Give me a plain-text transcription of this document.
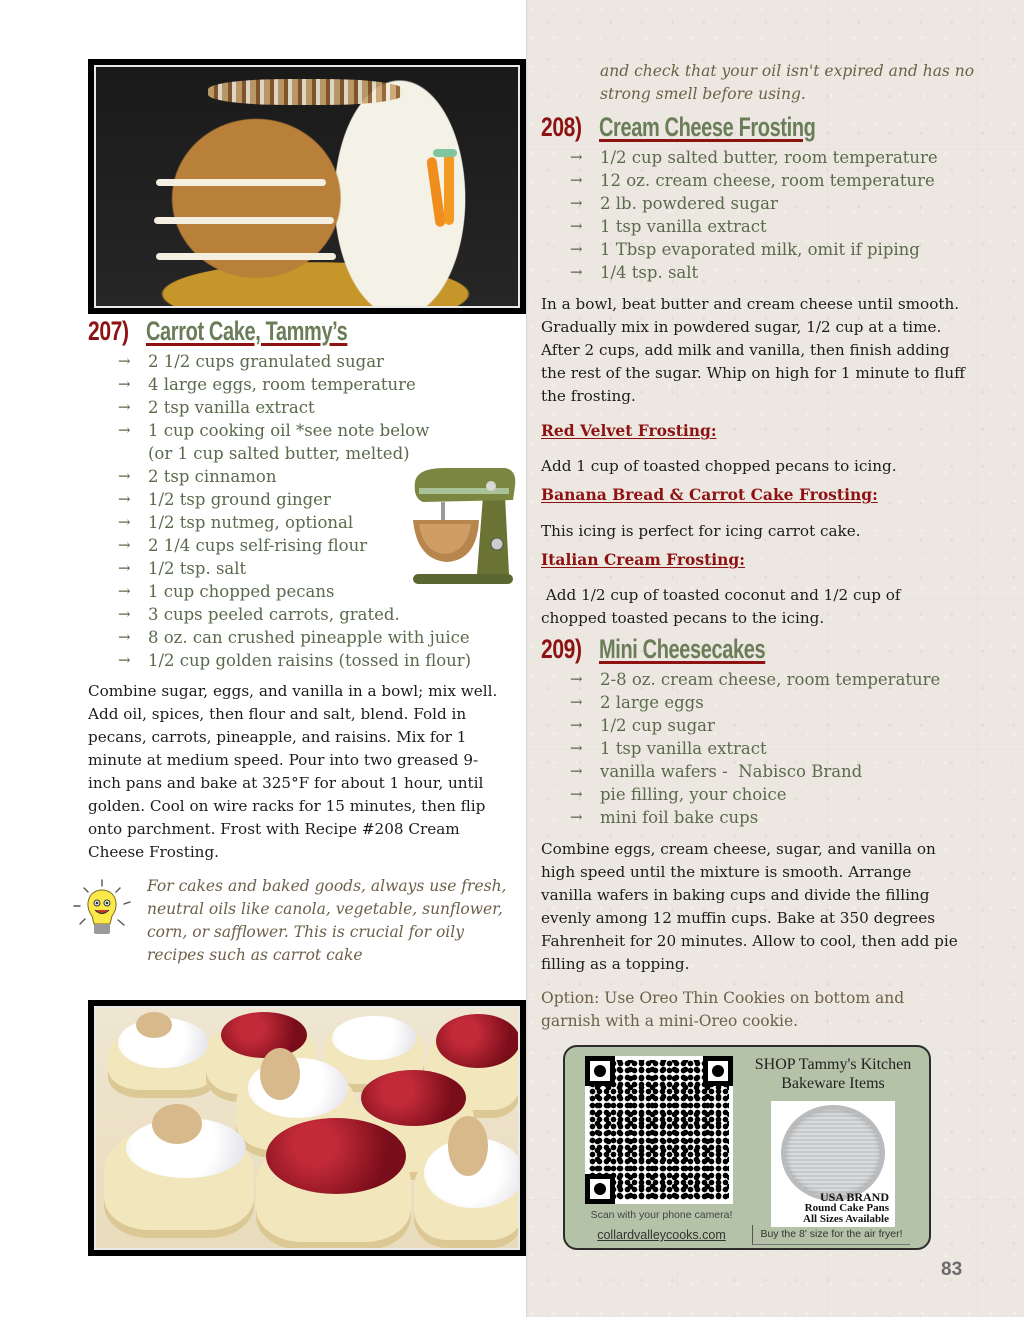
207) Carrot Cake, Tammy’s
→	2 1/2 cups granulated sugar
→	4 large eggs, room temperature
→	2 tsp vanilla extract
→	1 cup cooking oil *see note below
(or 1 cup salted butter, melted)
→	2 tsp cinnamon
→	1/2 tsp ground ginger
→	1/2 tsp nutmeg, optional
→	2 1/4 cups self-rising flour
→	1/2 tsp. salt
→	1 cup chopped pecans
→	3 cups peeled carrots, grated.
→	8 oz. can crushed pineapple with juice
→	1/2 cup golden raisins (tossed in flour)
Combine sugar, eggs, and vanilla in a bowl; mix well. Add oil, spices, then flour and salt, blend. Fold in pecans, carrots, pineapple, and raisins. Mix for 1 minute at medium speed. Pour into two greased 9-inch pans and bake at 325°F for about 1 hour, until golden. Cool on wire racks for 15 minutes, then flip onto parchment. Frost with Recipe #208 Cream Cheese Frosting.
For cakes and baked goods, always use fresh, neutral oils like canola, vegetable, sunflower, corn, or safflower. This is crucial for oily recipes such as carrot cake
and check that your oil isn't expired and has no strong smell before using.
208) Cream Cheese Frosting
→	1/2 cup salted butter, room temperature
→	12 oz. cream cheese, room temperature
→	2 lb. powdered sugar
→	1 tsp vanilla extract
→	1 Tbsp evaporated milk, omit if piping
→	1/4 tsp. salt
In a bowl, beat butter and cream cheese until smooth. Gradually mix in powdered sugar, 1/2 cup at a time. After 2 cups, add milk and vanilla, then finish adding the rest of the sugar. Whip on high for 1 minute to fluff the frosting.
Red Velvet Frosting:
Add 1 cup of toasted chopped pecans to icing.
Banana Bread & Carrot Cake Frosting:
This icing is perfect for icing carrot cake.
Italian Cream Frosting:
Add 1/2 cup of toasted coconut and 1/2 cup of chopped toasted pecans to the icing.
209) Mini Cheesecakes
→	2-8 oz. cream cheese, room temperature
→	2 large eggs
→	1/2 cup sugar
→	1 tsp vanilla extract
→	vanilla wafers -  Nabisco Brand
→	pie filling, your choice
→	mini foil bake cups
Combine eggs, cream cheese, sugar, and vanilla on high speed until the mixture is smooth. Arrange vanilla wafers in baking cups and divide the filling evenly among 12 muffin cups. Bake at 350 degrees Fahrenheit for 20 minutes. Allow to cool, then add pie filling as a topping.
Option: Use Oreo Thin Cookies on bottom and garnish with a mini-Oreo cookie.
SHOP Tammy's Kitchen
Bakeware Items
USA BRAND
Round Cake Pans
All Sizes Available
Scan with your phone camera!
collardvalleycooks.com	Buy the 8' size for the air fryer!
83
